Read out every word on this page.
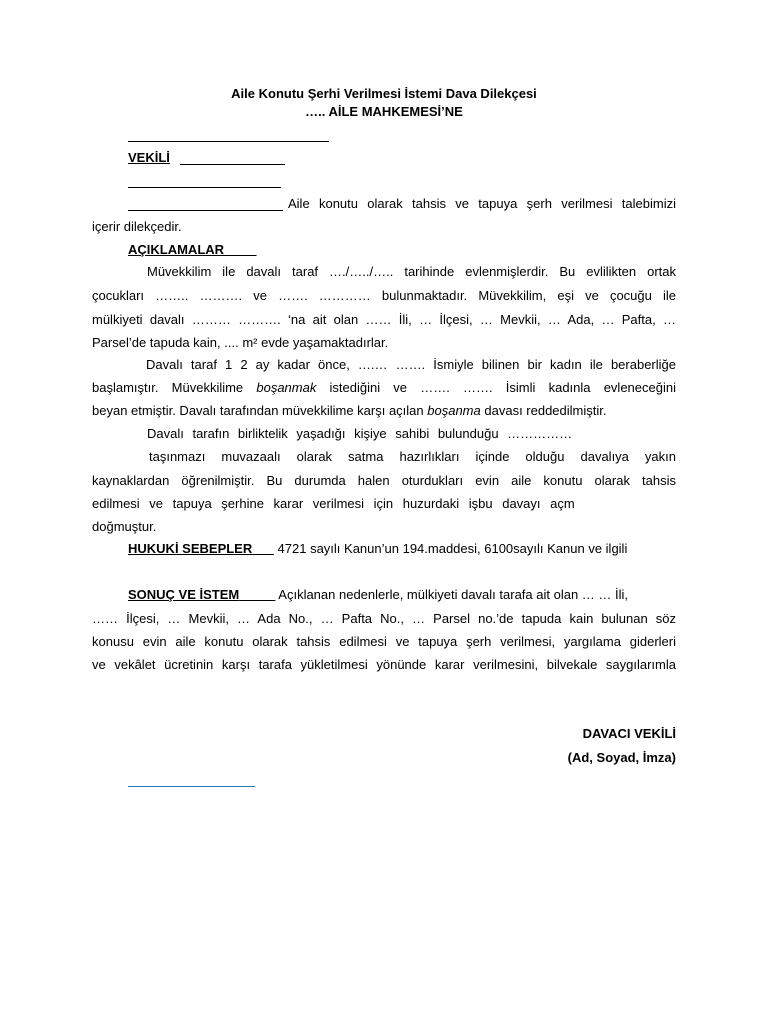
Aile Konutu Şerhi Verilmesi İstemi Dava Dilekçesi
….. AİLE MAHKEMESİ’NE
VEKİLİ
Aile konutu olarak tahsis ve tapuya şerh verilmesi talebimizi
içerir dilekçedir.
AÇIKLAMALAR
Müvekkilim ile davalı taraf …./…../….. tarihinde evlenmişlerdir. Bu evlilikten ortak
çocukları …….. ………. ve ……. ………… bulunmaktadır. Müvekkilim, eşi ve çocuğu ile
mülkiyeti davalı ……… ………. ‘na ait olan …… İli, … İlçesi, … Mevkii, … Ada, … Pafta, …
Parsel’de tapuda kain, .... m² evde yaşamaktadırlar.
Davalı taraf 1 2 ay kadar önce, ….… ……. İsmiyle bilinen bir kadın ile beraberliğe
başlamıştır. Müvekkilime boşanmak istediğini ve ……. ……. İsimli kadınla evleneceğini
beyan etmiştir. Davalı tarafından müvekkilime karşı açılan boşanma davası reddedilmiştir.
Davalı tarafın birliktelik yaşadığı kişiye sahibi bulunduğu ……………
taşınmazı muvazaalı olarak satma hazırlıkları içinde olduğu davalıya yakın
kaynaklardan öğrenilmiştir. Bu durumda halen oturdukları evin aile konutu olarak tahsis
edilmesi ve tapuya şerhine karar verilmesi için huzurdaki işbu davayı açm
doğmuştur.
HUKUKİ SEBEPLER 4721 sayılı Kanun’un 194.maddesi, 6100sayılı Kanun ve ilgili
SONUÇ VE İSTEM	Açıklanan nedenlerle, mülkiyeti davalı tarafa ait olan … … İli,
…… İlçesi, … Mevkii, … Ada No., … Pafta No., … Parsel no.’de tapuda kain bulunan söz
konusu evin aile konutu olarak tahsis edilmesi ve tapuya şerh verilmesi, yargılama giderleri
ve vekâlet ücretinin karşı tarafa yükletilmesi yönünde karar verilmesini, bilvekale saygılarımla
DAVACI VEKİLİ
(Ad, Soyad, İmza)
